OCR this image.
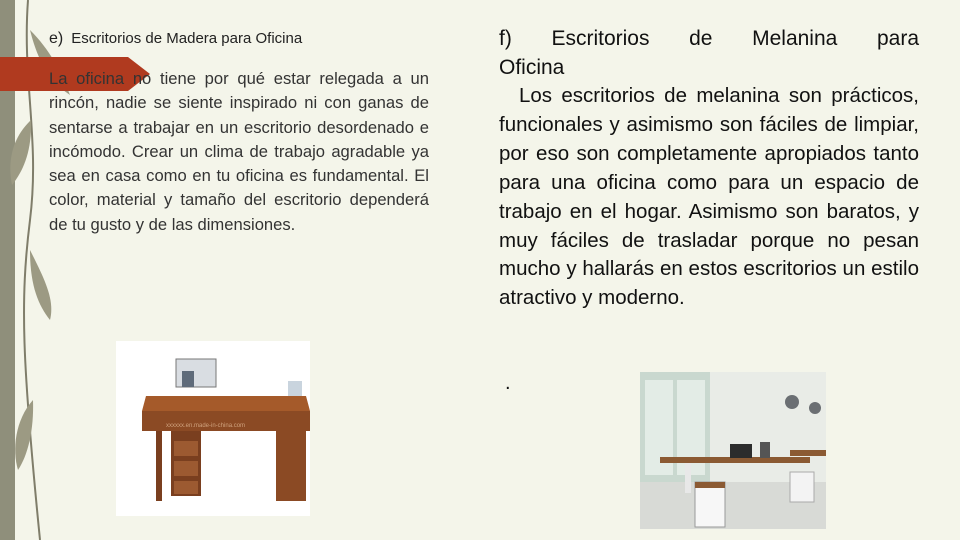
e) Escritorios de Madera para Oficina
La oficina no tiene por qué estar relegada a un rincón, nadie se siente inspirado ni con ganas de sentarse a trabajar en un escritorio desordenado e incómodo. Crear un clima de trabajo agradable ya sea en casa como en tu oficina es fundamental. El color, material y tamaño del escritorio dependerá de tu gusto y de las dimensiones.
xxxxxx.en.made-in-china.com
f) Escritorios de Melanina para
Oficina
Los escritorios de melanina son prácticos, funcionales y asimismo son fáciles de limpiar, por eso son completamente apropiados tanto para una oficina como para un espacio de trabajo en el hogar. Asimismo son baratos, y muy fáciles de trasladar porque no pesan mucho y hallarás en estos escritorios un estilo atractivo y moderno.
.
